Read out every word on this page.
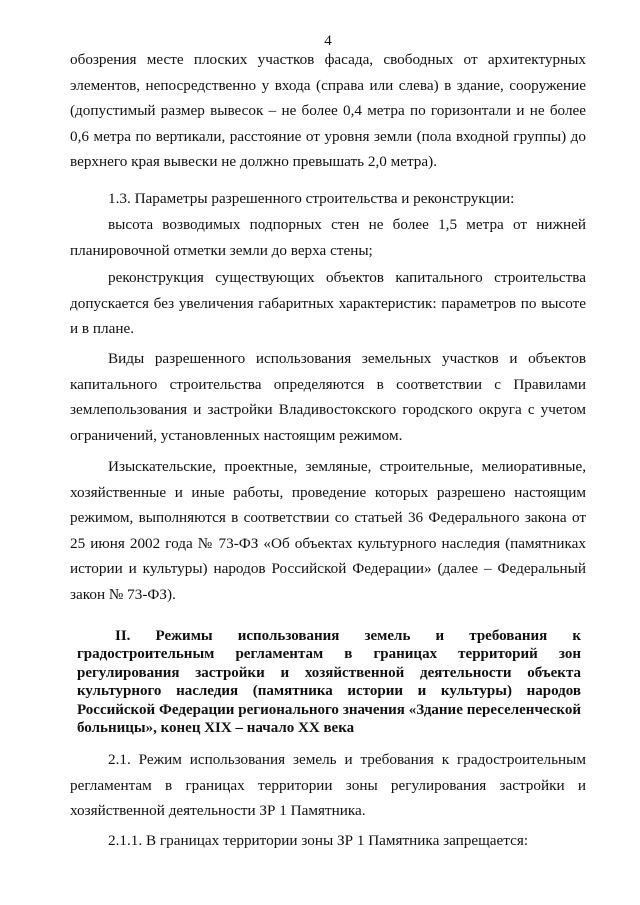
4

обозрения месте плоских участков фасада, свободных от архитектурных элементов, непосредственно у входа (справа или слева) в здание, сооружение (допустимый размер вывесок – не более 0,4 метра по горизонтали и не более 0,6 метра по вертикали, расстояние от уровня земли (пола входной группы) до верхнего края вывески не должно превышать 2,0 метра).

1.3. Параметры разрешенного строительства и реконструкции:

высота возводимых подпорных стен не более 1,5 метра от нижней планировочной отметки земли до верха стены;

реконструкция существующих объектов капитального строительства допускается без увеличения габаритных характеристик: параметров по высоте и в плане.

Виды разрешенного использования земельных участков и объектов капитального строительства определяются в соответствии с Правилами землепользования и застройки Владивостокского городского округа с учетом ограничений, установленных настоящим режимом.

Изыскательские, проектные, земляные, строительные, мелиоративные, хозяйственные и иные работы, проведение которых разрешено настоящим режимом, выполняются в соответствии со статьей 36 Федерального закона от 25 июня 2002 года № 73-ФЗ «Об объектах культурного наследия (памятниках истории и культуры) народов Российской Федерации» (далее – Федеральный закон № 73-ФЗ).

II. Режимы использования земель и требования к градостроительным регламентам в границах территорий зон регулирования застройки и хозяйственной деятельности объекта культурного наследия (памятника истории и культуры) народов Российской Федерации регионального значения «Здание переселенческой больницы», конец XIX – начало XX века

2.1. Режим использования земель и требования к градостроительным регламентам в границах территории зоны регулирования застройки и хозяйственной деятельности ЗР 1 Памятника.

2.1.1. В границах территории зоны ЗР 1 Памятника запрещается:
